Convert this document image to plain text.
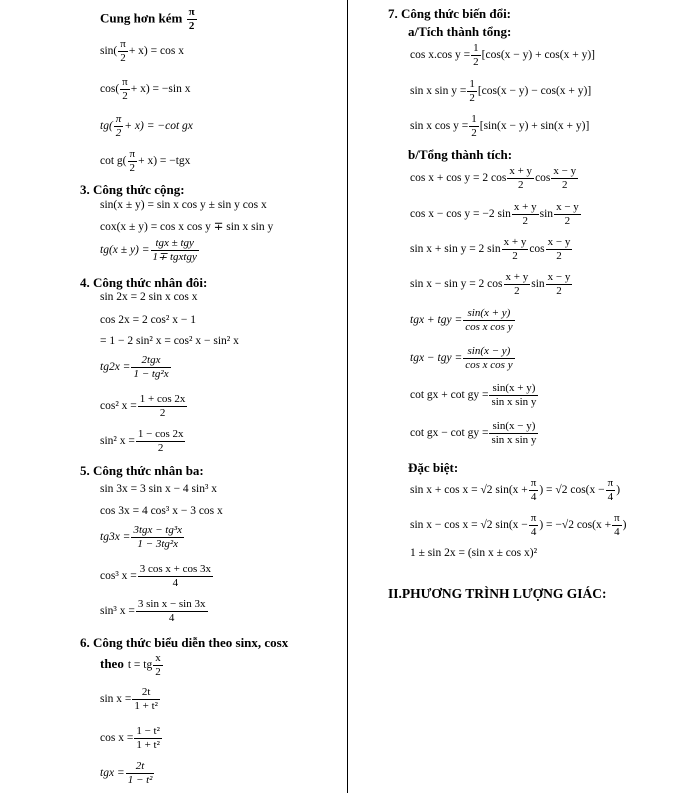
Cung hơn kém $\frac{\pi}{2}$
$\sin( \frac{\pi}{2} + x) = \cos x$
$\cos( \frac{\pi}{2} + x) = -\sin$ x
$tg( \frac{\pi}{2} + x) = -\cot$ gx
$\cot g( \frac{\pi}{2} + x) = -tgx$
3. Công thức cộng:
sin(x ± y) = sin x cos y ± sin y cos x
cox(x ± y) = cos x cos y ∓ sin x sin y
$tg(x \pm y) = \frac{\text{tgx ± tgy}}{\text{1∓ tgxtgy}}$
4. Công thức nhân đôi:
sin 2x = 2 sin x cos x
cos 2x = 2 cos² x − 1
= 1 − 2 sin² x = cos² x − sin² x
$tg2x = \frac{\text{2tgx}}{\text{1 − tg²x}}$
cos² $x = \frac{1 + \cos 2x}{2}$
sin² $x = \frac{1 - \cos 2x}{2}$
5. Công thức nhân ba:
sin 3x = 3 sin x − 4 sin³ x
cos 3x = 4 cos³ x − 3 cos x
$tg3x = \frac{\text{3tgx − tg³x}}{\text{1 − 3tg²x}}$
cos³ $x = \frac{\text{3 cos x + cos 3x}}{4}$
sin³ $x = \frac{\text{3 sin x − sin 3x}}{4}$
6. Công thức biểu diễn theo sinx, cosx
theo t = tg $\frac{x}{2}$
$\sin x = \frac{2t}{\text{1 + t²}}$
$\cos x = \frac{\text{1 − t²}}{\text{1 + t²}}$
tgx = $\frac{2t}{\text{1 − t²}}$
7. Công thức biến đổi:
a/Tích thành tổng:
cos x.cos $y = \frac{1}{2} [\cos(x - y) + \cos(x + y)]$
sin x $\sin y = \frac{1}{2} [\cos(x - y) - \cos(x + y)]$
sin x $\cos y = \frac{1}{2} [\sin(x - y) + \sin(x + y)]$
b/Tổng thành tích:
cos x + cos y = 2 $\cos \frac{x + y}{2}$ $\cos \frac{x - y}{2}$
cos x − cos y = −2 $\sin \frac{x + y}{2}$ $\sin \frac{x - y}{2}$
sin x + sin y = 2 $\sin \frac{x + y}{2}$ $\cos \frac{x - y}{2}$
sin x − sin y = 2 $\cos \frac{x + y}{2}$ $\sin \frac{x - y}{2}$
tgx + tgy = $\frac{\sin(x + y)}{\text{cos x cos y}}$
tgx − tgy = $\frac{\sin(x - y)}{\text{cos x cos y}}$
cot gx + cot gy = $\frac{\sin(x + y)}{\text{sin x sin y}}$
cot gx − cot gy = $\frac{\sin(x - y)}{\text{sin x sin y}}$
Đặc biệt:
sin x + cos x = √2 $\sin(x + \frac{\pi}{4}$ ) = √2 $\cos(x - \frac{\pi}{4}$ )
sin x − cos x = √2 $\sin(x - \frac{\pi}{4}$ ) = −√2 $\cos(x + \frac{\pi}{4}$ )
1 ± sin 2x = (sin x ± cos x)²
II.PHƯƠNG TRÌNH LƯỢNG GIÁC:
